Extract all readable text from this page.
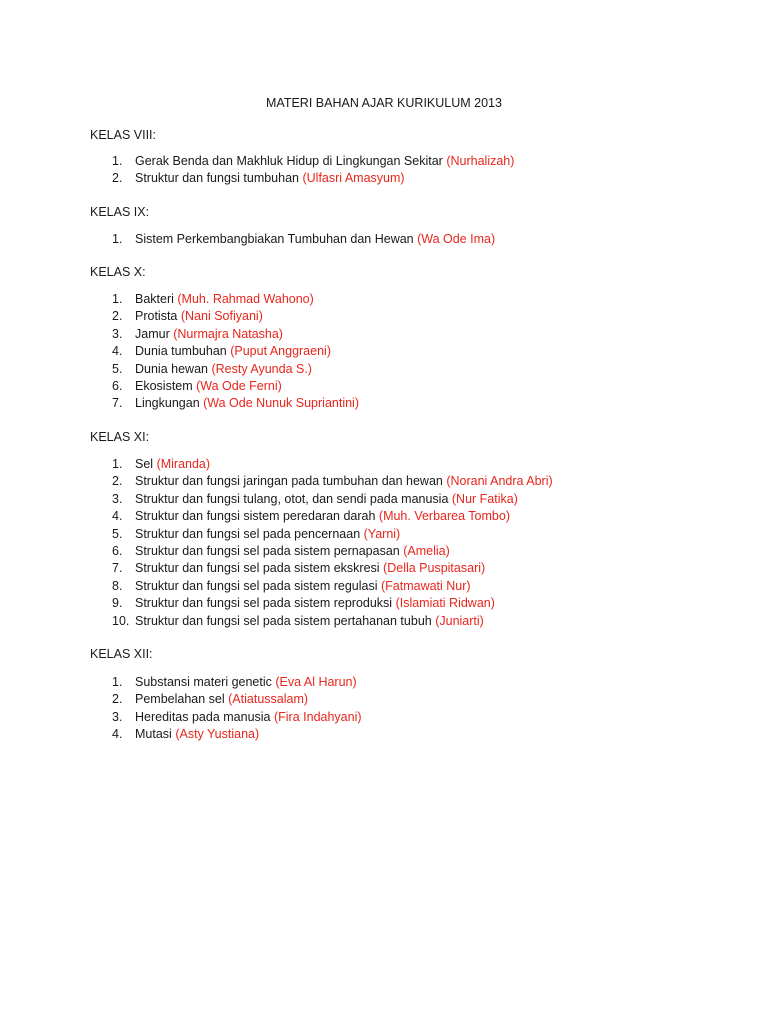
MATERI BAHAN AJAR KURIKULUM 2013
KELAS VIII:
1. Gerak Benda dan Makhluk Hidup di Lingkungan Sekitar (Nurhalizah)
2. Struktur dan fungsi tumbuhan (Ulfasri Amasyum)
KELAS IX:
1. Sistem Perkembangbiakan Tumbuhan dan Hewan (Wa Ode Ima)
KELAS X:
1. Bakteri (Muh. Rahmad Wahono)
2. Protista (Nani Sofiyani)
3. Jamur (Nurmajra Natasha)
4. Dunia tumbuhan (Puput Anggraeni)
5. Dunia hewan (Resty Ayunda S.)
6. Ekosistem (Wa Ode Ferni)
7. Lingkungan (Wa Ode Nunuk Supriantini)
KELAS XI:
1. Sel (Miranda)
2. Struktur dan fungsi jaringan pada tumbuhan dan hewan (Norani Andra Abri)
3. Struktur dan fungsi tulang, otot, dan sendi pada manusia (Nur Fatika)
4. Struktur dan fungsi sistem peredaran darah (Muh. Verbarea Tombo)
5. Struktur dan fungsi sel pada pencernaan (Yarni)
6. Struktur dan fungsi sel pada sistem pernapasan (Amelia)
7. Struktur dan fungsi sel pada sistem ekskresi (Della Puspitasari)
8. Struktur dan fungsi sel pada sistem regulasi (Fatmawati Nur)
9. Struktur dan fungsi sel pada sistem reproduksi (Islamiati Ridwan)
10. Struktur dan fungsi sel pada sistem pertahanan tubuh (Juniarti)
KELAS XII:
1. Substansi materi genetic (Eva Al Harun)
2. Pembelahan sel (Atiatussalam)
3. Hereditas pada manusia (Fira Indahyani)
4. Mutasi (Asty Yustiana)
